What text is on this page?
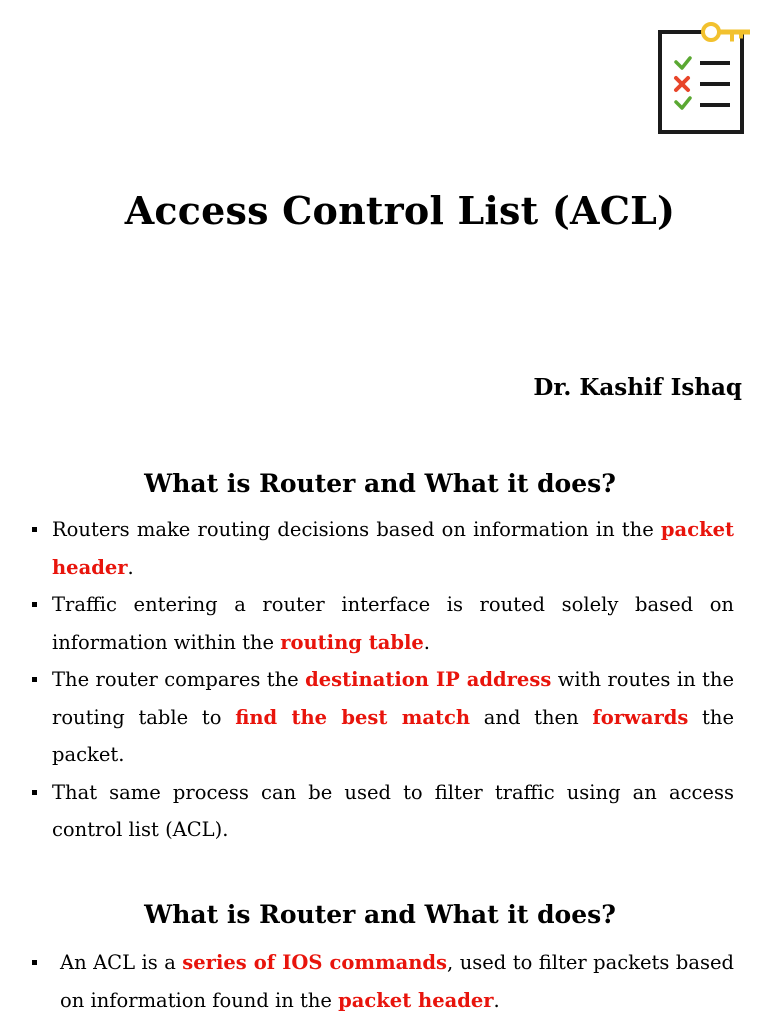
Access Control List (ACL)

Dr. Kashif Ishaq

What is Router and What it does?
Routers make routing decisions based on information in the packet header.
Traffic entering a router interface is routed solely based on information within the routing table.
The router compares the destination IP address with routes in the routing table to find the best match and then forwards the packet.
That same process can be used to filter traffic using an access control list (ACL).
What is Router and What it does?
An ACL is a series of IOS commands, used to filter packets based on information found in the packet header.
